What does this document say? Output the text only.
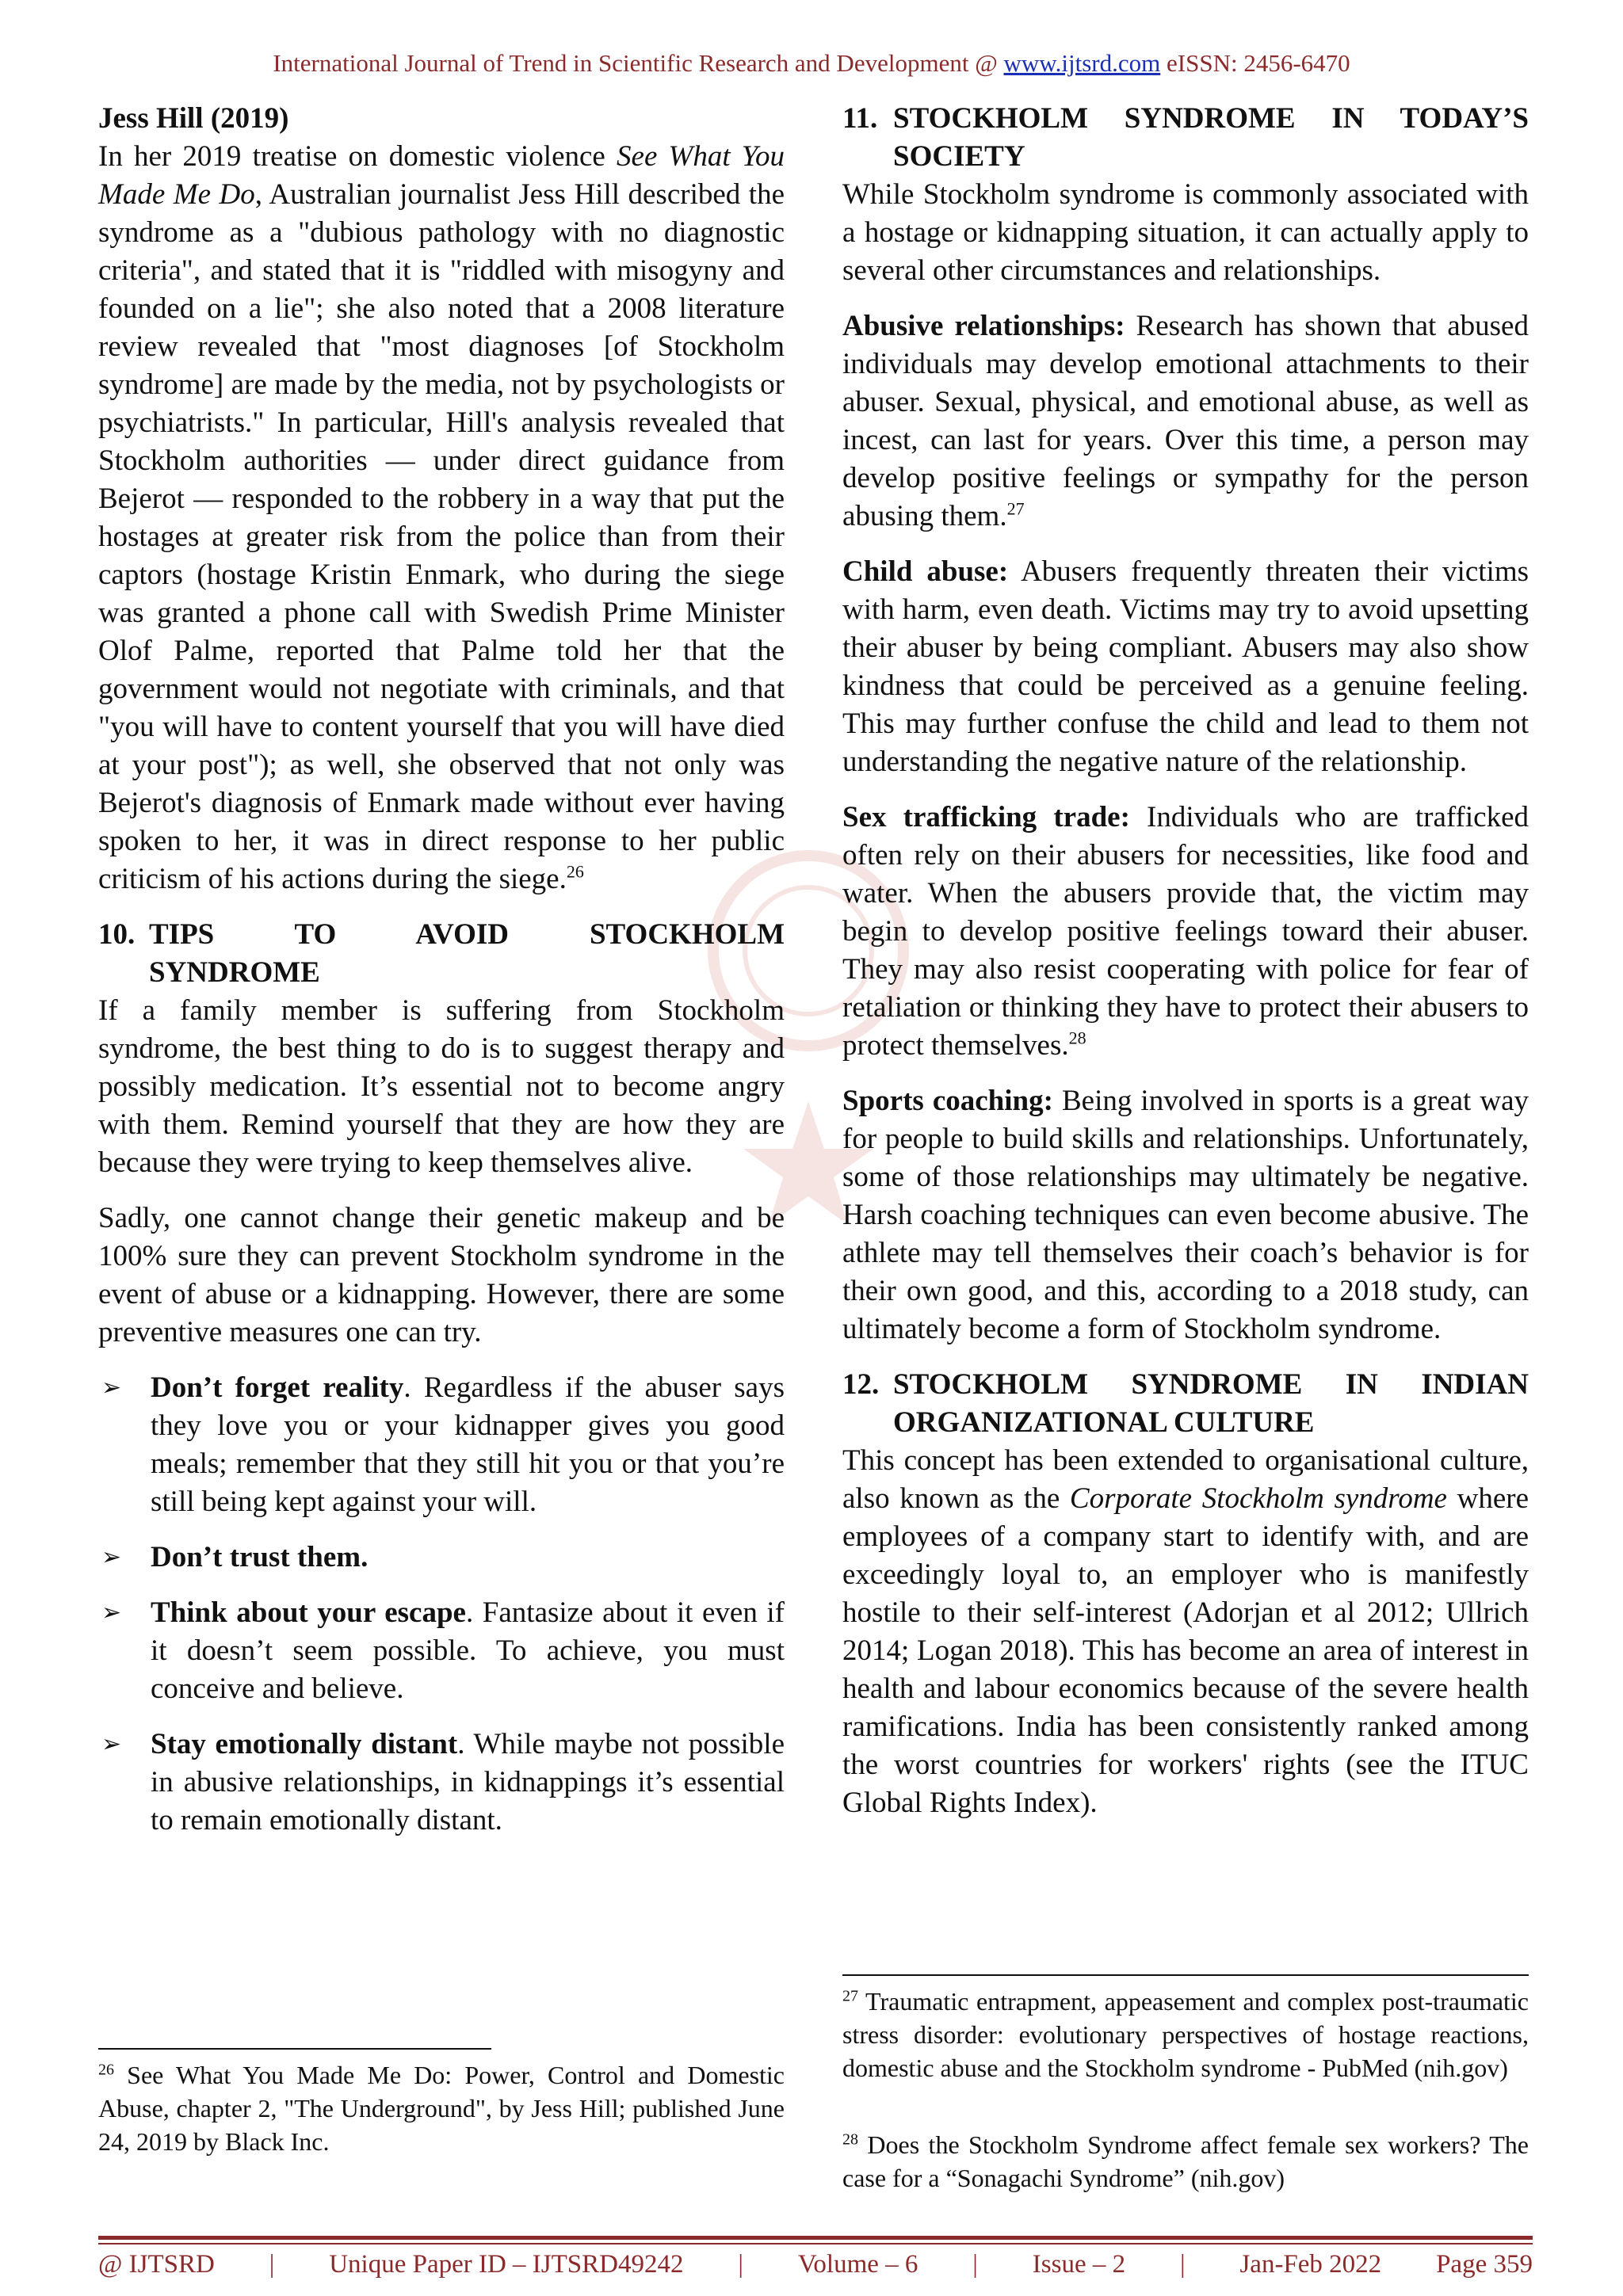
International Journal of Trend in Scientific Research and Development @ www.ijtsrd.com eISSN: 2456-6470
Jess Hill (2019)

In her 2019 treatise on domestic violence See What You Made Me Do, Australian journalist Jess Hill described the syndrome as a "dubious pathology with no diagnostic criteria", and stated that it is "riddled with misogyny and founded on a lie"; she also noted that a 2008 literature review revealed that "most diagnoses [of Stockholm syndrome] are made by the media, not by psychologists or psychiatrists." In particular, Hill's analysis revealed that Stockholm authorities — under direct guidance from Bejerot — responded to the robbery in a way that put the hostages at greater risk from the police than from their captors (hostage Kristin Enmark, who during the siege was granted a phone call with Swedish Prime Minister Olof Palme, reported that Palme told her that the government would not negotiate with criminals, and that "you will have to content yourself that you will have died at your post"); as well, she observed that not only was Bejerot's diagnosis of Enmark made without ever having spoken to her, it was in direct response to her public criticism of his actions during the siege.$^{26}$

10. TIPS TO AVOID STOCKHOLM
SYNDROME

If a family member is suffering from Stockholm syndrome, the best thing to do is to suggest therapy and possibly medication. It’s essential not to become angry with them. Remind yourself that they are how they are because they were trying to keep themselves alive.

Sadly, one cannot change their genetic makeup and be 100% sure they can prevent Stockholm syndrome in the event of abuse or a kidnapping. However, there are some preventive measures one can try.

➢ Don’t forget reality. Regardless if the abuser says they love you or your kidnapper gives you good meals; remember that they still hit you or that you’re still being kept against your will.
➢ Don’t trust them.
➢ Think about your escape. Fantasize about it even if it doesn’t seem possible. To achieve, you must conceive and believe.
➢ Stay emotionally distant. While maybe not possible in abusive relationships, in kidnappings it’s essential to remain emotionally distant.
$^{26}$ See What You Made Me Do: Power, Control and Domestic Abuse, chapter 2, "The Underground", by Jess Hill; published June 24, 2019 by Black Inc.
11. STOCKHOLM SYNDROME IN TODAY’S
SOCIETY

While Stockholm syndrome is commonly associated with a hostage or kidnapping situation, it can actually apply to several other circumstances and relationships.

Abusive relationships: Research has shown that abused individuals may develop emotional attachments to their abuser. Sexual, physical, and emotional abuse, as well as incest, can last for years. Over this time, a person may develop positive feelings or sympathy for the person abusing them.$^{27}$

Child abuse: Abusers frequently threaten their victims with harm, even death. Victims may try to avoid upsetting their abuser by being compliant. Abusers may also show kindness that could be perceived as a genuine feeling. This may further confuse the child and lead to them not understanding the negative nature of the relationship.

Sex trafficking trade: Individuals who are trafficked often rely on their abusers for necessities, like food and water. When the abusers provide that, the victim may begin to develop positive feelings toward their abuser. They may also resist cooperating with police for fear of retaliation or thinking they have to protect their abusers to protect themselves.$^{28}$

Sports coaching: Being involved in sports is a great way for people to build skills and relationships. Unfortunately, some of those relationships may ultimately be negative. Harsh coaching techniques can even become abusive. The athlete may tell themselves their coach’s behavior is for their own good, and this, according to a 2018 study, can ultimately become a form of Stockholm syndrome.

12. STOCKHOLM SYNDROME IN INDIAN
ORGANIZATIONAL CULTURE

This concept has been extended to organisational culture, also known as the Corporate Stockholm syndrome where employees of a company start to identify with, and are exceedingly loyal to, an employer who is manifestly hostile to their self-interest (Adorjan et al 2012; Ullrich 2014; Logan 2018). This has become an area of interest in health and labour economics because of the severe health ramifications. India has been consistently ranked among the worst countries for workers' rights (see the ITUC Global Rights Index).

$^{27}$ Traumatic entrapment, appeasement and complex post-traumatic stress disorder: evolutionary perspectives of hostage reactions, domestic abuse and the Stockholm syndrome - PubMed (nih.gov)
$^{28}$ Does the Stockholm Syndrome affect female sex workers? The case for a “Sonagachi Syndrome” (nih.gov)
@ IJTSRD | Unique Paper ID – IJTSRD49242 | Volume – 6 | Issue – 2 | Jan-Feb 2022 Page 359
